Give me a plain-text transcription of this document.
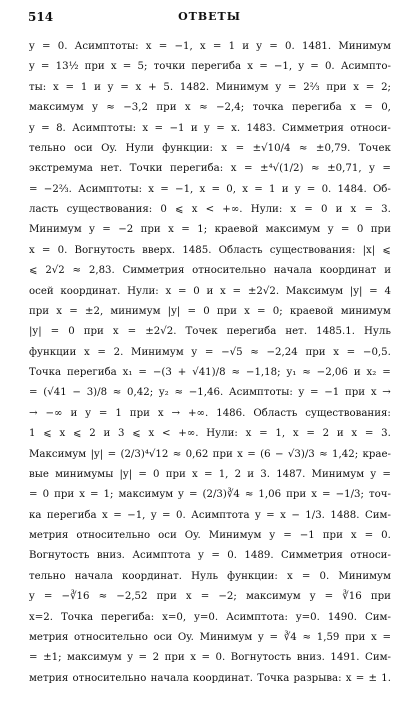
514	ОТВЕТЫ
y = 0. Асимптоты: x = −1, x = 1 и y = 0. 1481. Минимум
y = 13½ при x = 5; точки перегиба x = −1, y = 0. Асимпто-
ты: x = 1 и y = x + 5. 1482. Минимум y = 2⅔ при x = 2;
максимум y ≈ −3,2 при x ≈ −2,4; точка перегиба x = 0,
y = 8. Асимптоты: x = −1 и y = x. 1483. Симметрия относи-
тельно оси Oy. Нули функции: x = ±√10/4 ≈ ±0,79. Точек
экстремума нет. Точки перегиба: x = ±⁴√(1/2) ≈ ±0,71, y =
= −2⅔. Асимптоты: x = −1, x = 0, x = 1 и y = 0. 1484. Об-
ласть существования: 0 ⩽ x < +∞. Нули: x = 0 и x = 3.
Минимум y = −2 при x = 1; краевой максимум y = 0 при
x = 0. Вогнутость вверх. 1485. Область существования: |x| ⩽
⩽ 2√2 ≈ 2,83. Симметрия относительно начала координат и
осей координат. Нули: x = 0 и x = ±2√2. Максимум |y| = 4
при x = ±2, минимум |y| = 0 при x = 0; краевой минимум
|y| = 0 при x = ±2√2. Точек перегиба нет. 1485.1. Нуль
функции x = 2. Минимум y = −√5 ≈ −2,24 при x = −0,5.
Точка перегиба x₁ = −(3 + √41)/8 ≈ −1,18; y₁ ≈ −2,06 и x₂ =
= (√41 − 3)/8 ≈ 0,42; y₂ ≈ −1,46. Асимптоты: y = −1 при x →
→ −∞ и y = 1 при x → +∞. 1486. Область существования:
1 ⩽ x ⩽ 2 и 3 ⩽ x < +∞. Нули: x = 1, x = 2 и x = 3.
Максимум |y| = (2/3)⁴√12 ≈ 0,62 при x = (6 − √3)/3 ≈ 1,42; крае-
вые минимумы |y| = 0 при x = 1, 2 и 3. 1487. Минимум y =
= 0 при x = 1; максимум y = (2/3)∛4 ≈ 1,06 при x = −1/3; точ-
ка перегиба x = −1, y = 0. Асимптота y = x − 1/3. 1488. Сим-
метрия относительно оси Oy. Минимум y = −1 при x = 0.
Вогнутость вниз. Асимптота y = 0. 1489. Симметрия относи-
тельно начала координат. Нуль функции: x = 0. Минимум
y = −∛16 ≈ −2,52 при x = −2; максимум y = ∛16 при
x=2. Точка перегиба: x=0, y=0. Асимптота: y=0. 1490. Сим-
метрия относительно оси Oy. Минимум y = ∛4 ≈ 1,59 при x =
= ±1; максимум y = 2 при x = 0. Вогнутость вниз. 1491. Сим-
метрия относительно начала координат. Точка разрыва: x = ± 1.
